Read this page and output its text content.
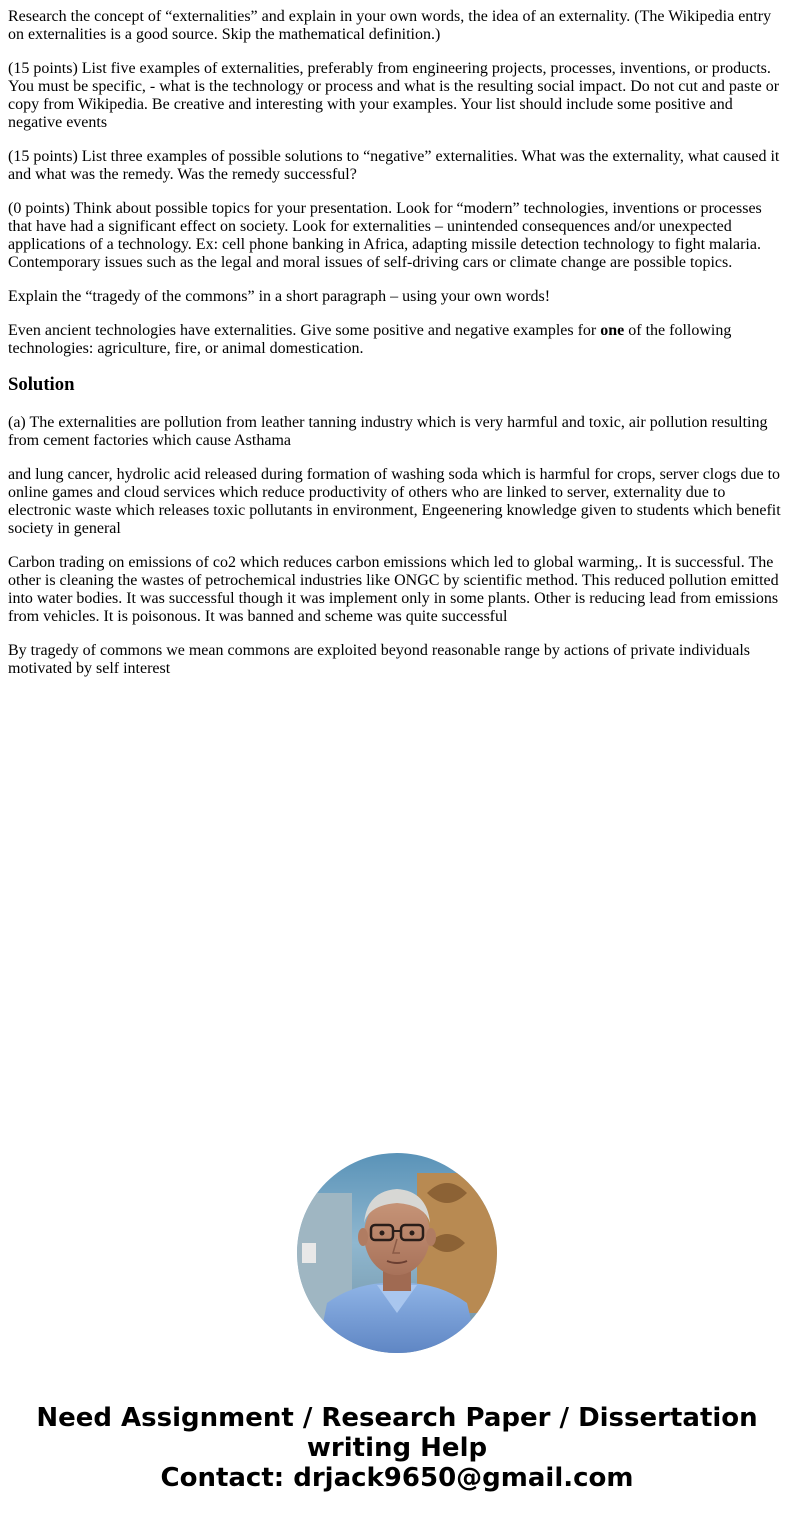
Research the concept of “externalities” and explain in your own words, the idea of an externality. (The Wikipedia entry on externalities is a good source. Skip the mathematical definition.)

(15 points) List five examples of externalities, preferably from engineering projects, processes, inventions, or products. You must be specific, - what is the technology or process and what is the resulting social impact. Do not cut and paste or copy from Wikipedia. Be creative and interesting with your examples. Your list should include some positive and negative events

(15 points) List three examples of possible solutions to “negative” externalities. What was the externality, what caused it and what was the remedy. Was the remedy successful?

(0 points) Think about possible topics for your presentation. Look for “modern” technologies, inventions or processes that have had a significant effect on society. Look for externalities – unintended consequences and/or unexpected applications of a technology. Ex: cell phone banking in Africa, adapting missile detection technology to fight malaria. Contemporary issues such as the legal and moral issues of self-driving cars or climate change are possible topics.

Explain the “tragedy of the commons” in a short paragraph – using your own words!

Even ancient technologies have externalities. Give some positive and negative examples for one of the following technologies: agriculture, fire, or animal domestication.

Solution

(a) The externalities are pollution from leather tanning industry which is very harmful and toxic, air pollution resulting from cement factories which cause Asthama

and lung cancer, hydrolic acid released during formation of washing soda which is harmful for crops, server clogs due to online games and cloud services which reduce productivity of others who are linked to server, externality due to electronic waste which releases toxic pollutants in environment, Engeenering knowledge given to students which benefit society in general

Carbon trading on emissions of co2 which reduces carbon emissions which led to global warming,. It is successful. The other is cleaning the wastes of petrochemical industries like ONGC by scientific method. This reduced pollution emitted into water bodies. It was successful though it was implement only in some plants. Other is reducing lead from emissions from vehicles. It is poisonous. It was banned and scheme was quite successful

By tragedy of commons we mean commons are exploited beyond reasonable range by actions of private individuals motivated by self interest

Need Assignment / Research Paper / Dissertation writing Help
Contact: drjack9650@gmail.com
